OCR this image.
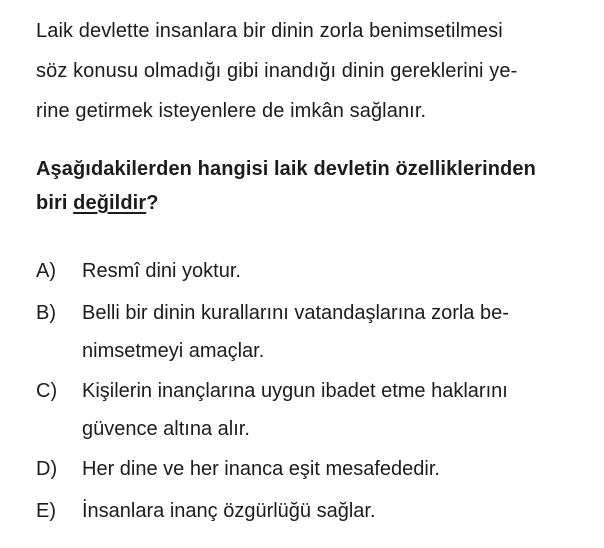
Laik devlette insanlara bir dinin zorla benimsetilmesi
söz konusu olmadığı gibi inandığı dinin gereklerini ye-
rine getirmek isteyenlere de imkân sağlanır.
Aşağıdakilerden hangisi laik devletin özelliklerinden
biri değildir?
A)	Resmî dini yoktur.
B)	Belli bir dinin kurallarını vatandaşlarına zorla be-
nimsetmeyi amaçlar.
C)	Kişilerin inançlarına uygun ibadet etme haklarını
güvence altına alır.
D)	Her dine ve her inanca eşit mesafededir.
E)	İnsanlara inanç özgürlüğü sağlar.
